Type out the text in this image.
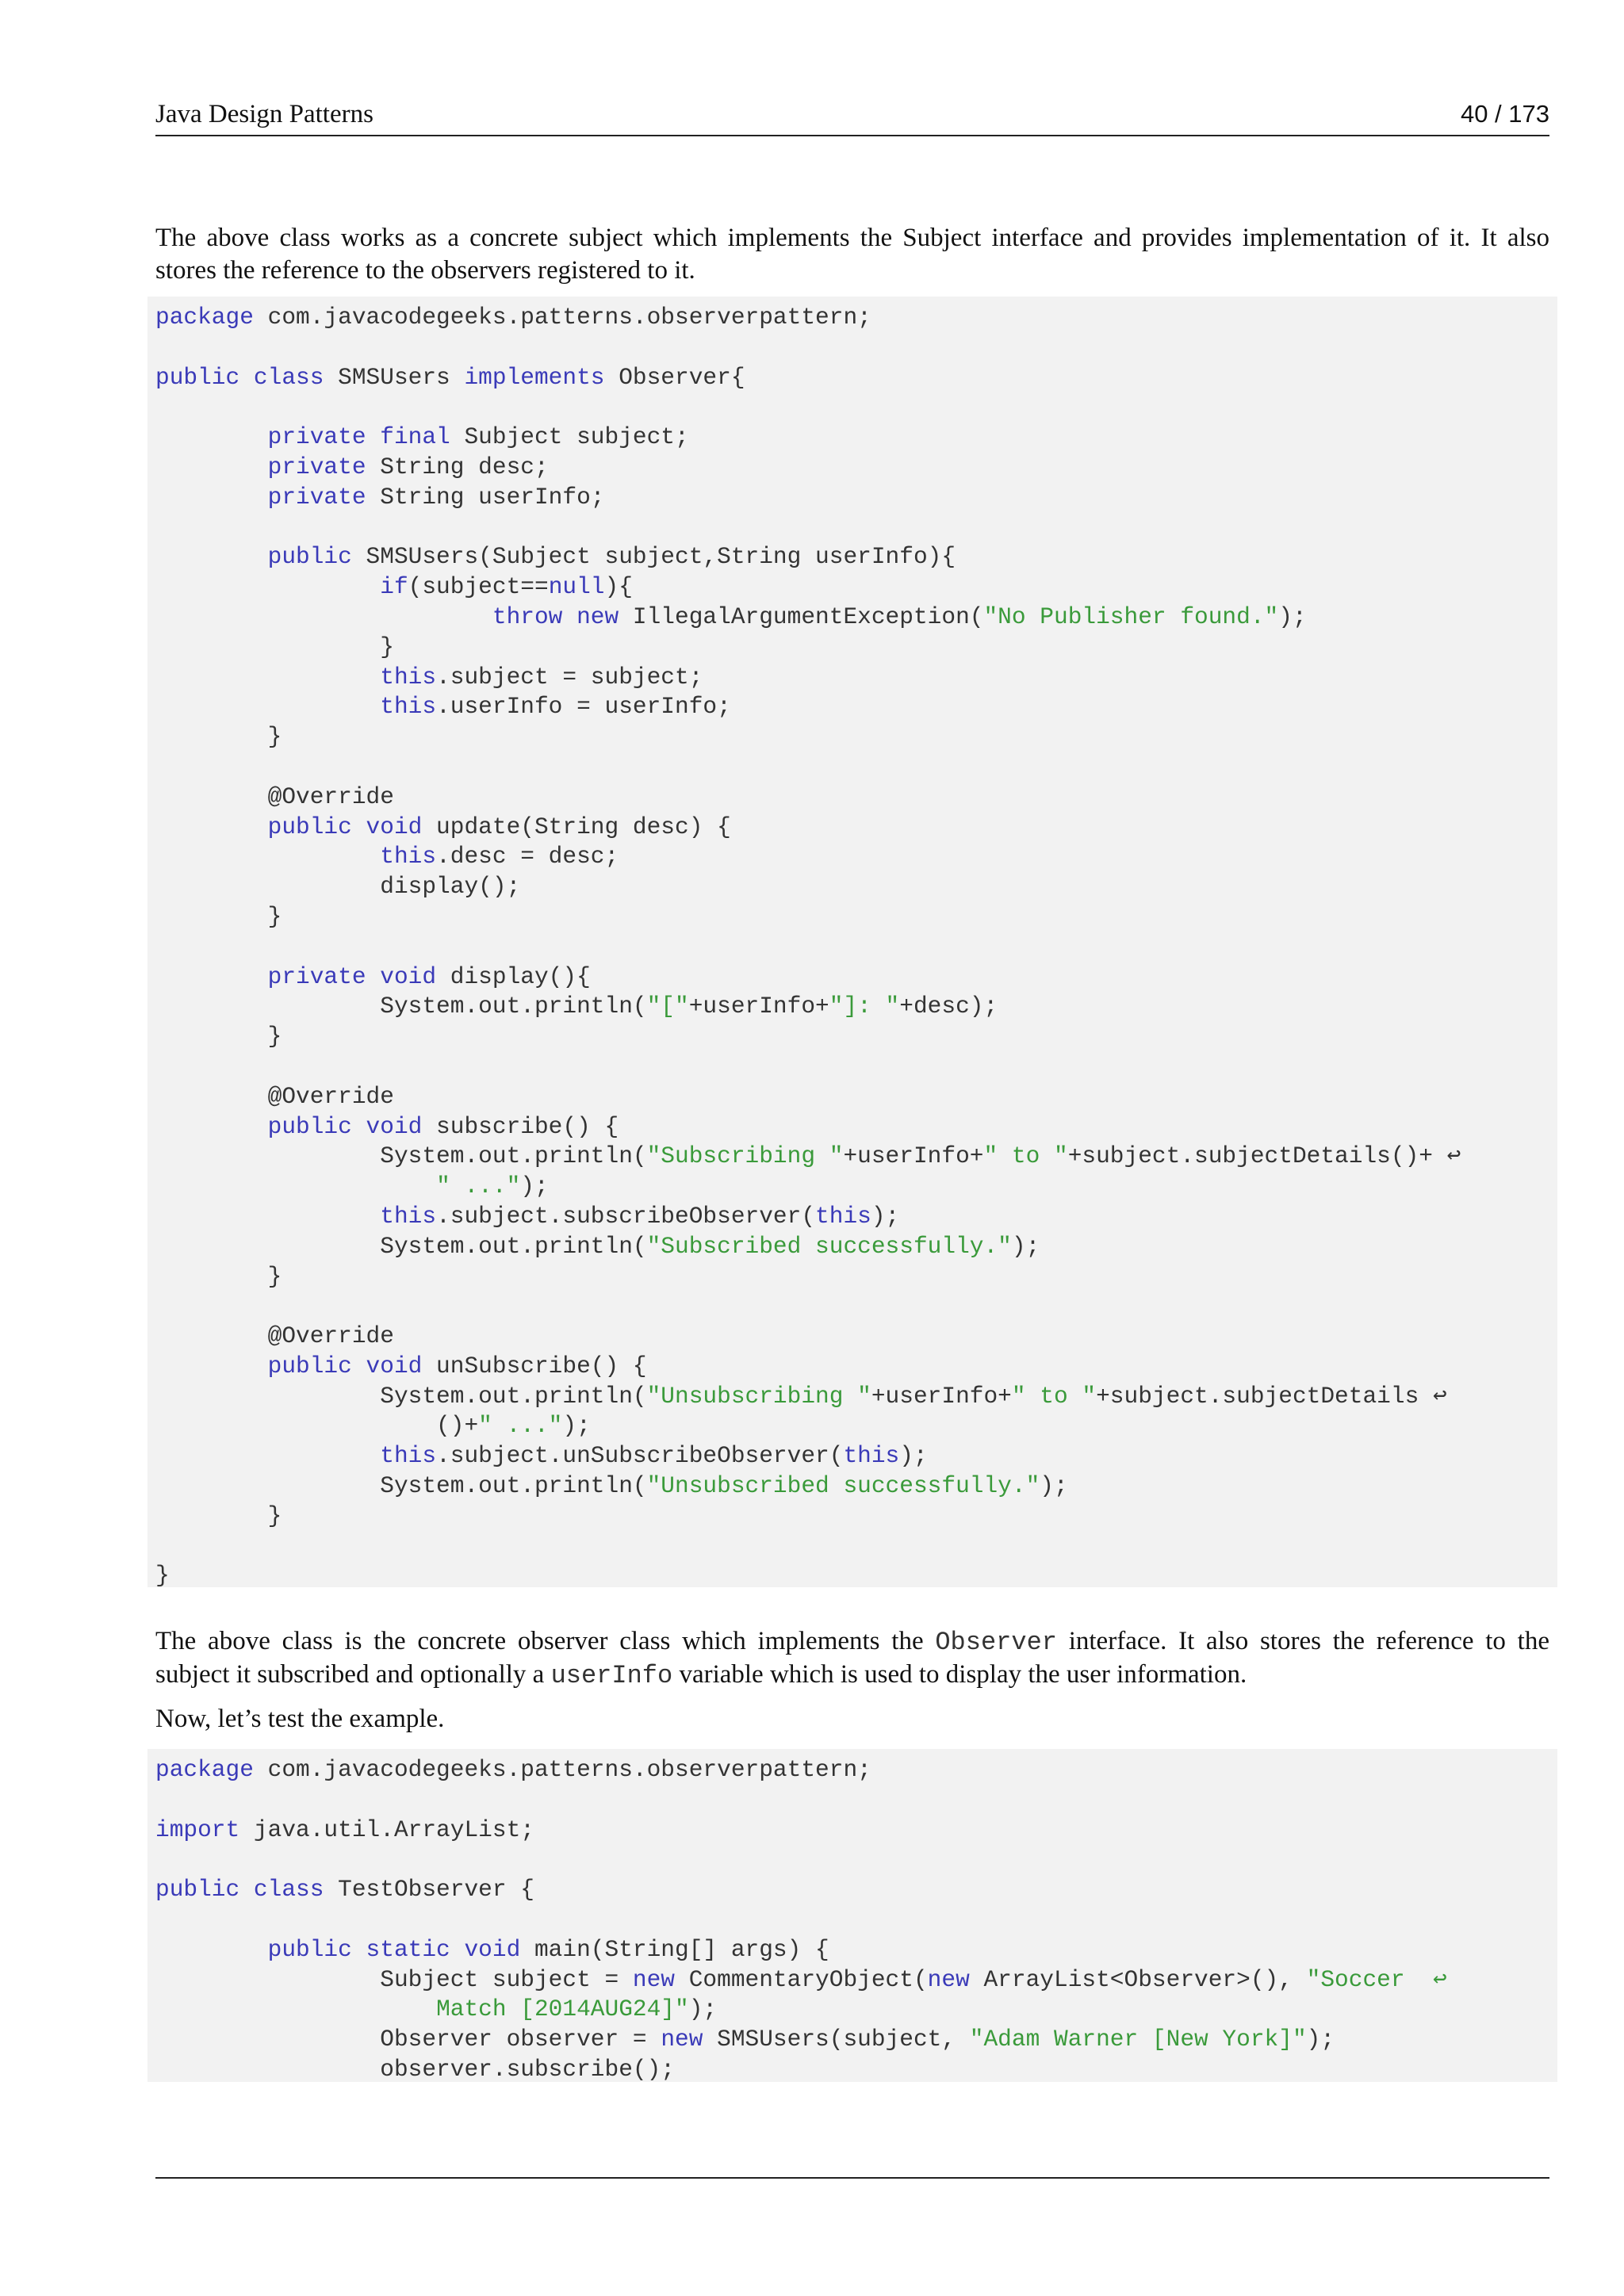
Java Design Patterns	40 / 173
The above class works as a concrete subject which implements the Subject interface and provides implementation of it. It also
stores the reference to the observers registered to it.
package com.javacodegeeks.patterns.observerpattern;

public class SMSUsers implements Observer{

private final Subject subject;
private String desc;
private String userInfo;

public SMSUsers(Subject subject,String userInfo){
if(subject==null){
throw new IllegalArgumentException("No Publisher found.");
}
this.subject = subject;
this.userInfo = userInfo;
}

@Override
public void update(String desc) {
this.desc = desc;
display();
}

private void display(){
System.out.println("["+userInfo+"]: "+desc);
}

@Override
public void subscribe() {
System.out.println("Subscribing "+userInfo+" to "+subject.subjectDetails()+ ↩
" ...");
this.subject.subscribeObserver(this);
System.out.println("Subscribed successfully.");
}

@Override
public void unSubscribe() {
System.out.println("Unsubscribing "+userInfo+" to "+subject.subjectDetails ↩
()+" ...");
this.subject.unSubscribeObserver(this);
System.out.println("Unsubscribed successfully.");
}

}
The above class is the concrete observer class which implements the Observer interface. It also stores the reference to the
subject it subscribed and optionally a userInfo variable which is used to display the user information.
Now, let’s test the example.
package com.javacodegeeks.patterns.observerpattern;

import java.util.ArrayList;

public class TestObserver {

public static void main(String[] args) {
Subject subject = new CommentaryObject(new ArrayList<Observer>(), "Soccer  ↩
Match [2014AUG24]");
Observer observer = new SMSUsers(subject, "Adam Warner [New York]");
observer.subscribe();
